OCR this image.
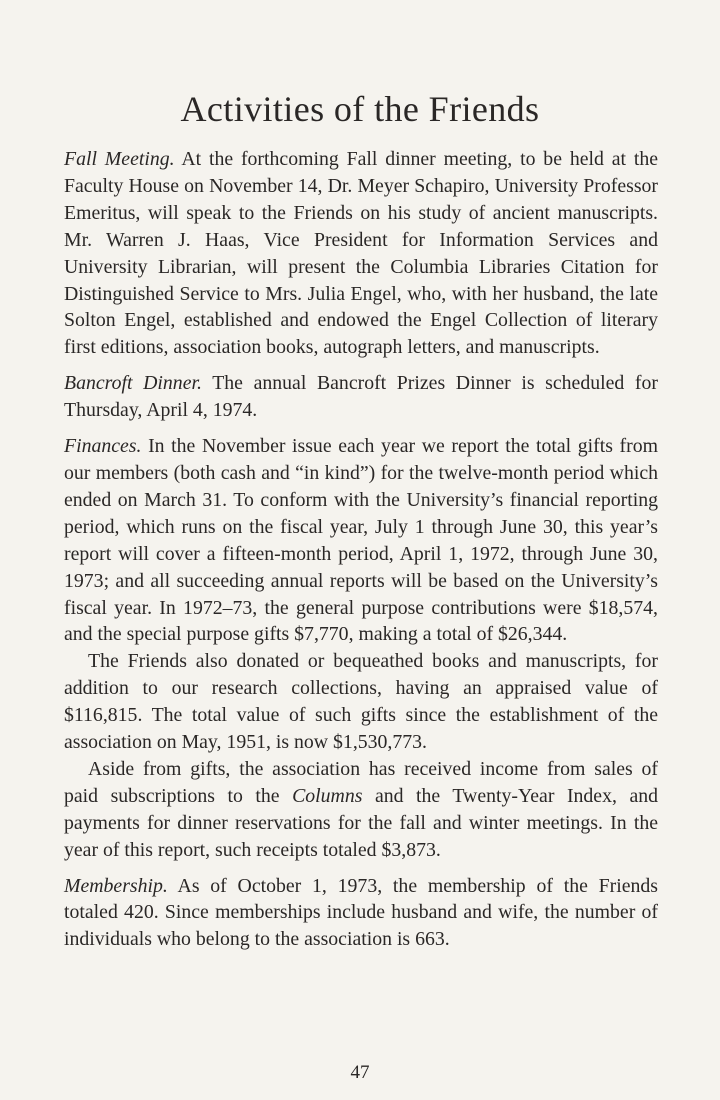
Activities of the Friends

Fall Meeting. At the forthcoming Fall dinner meeting, to be held at the Faculty House on November 14, Dr. Meyer Schapiro, University Professor Emeritus, will speak to the Friends on his study of ancient manuscripts. Mr. Warren J. Haas, Vice President for Information Services and University Librarian, will present the Columbia Libraries Citation for Distinguished Service to Mrs. Julia Engel, who, with her husband, the late Solton Engel, established and endowed the Engel Collection of literary first editions, association books, autograph letters, and manuscripts.

Bancroft Dinner. The annual Bancroft Prizes Dinner is scheduled for Thursday, April 4, 1974.

Finances. In the November issue each year we report the total gifts from our members (both cash and “in kind”) for the twelve-month period which ended on March 31. To conform with the University’s financial reporting period, which runs on the fiscal year, July 1 through June 30, this year’s report will cover a fifteen-month period, April 1, 1972, through June 30, 1973; and all succeeding annual reports will be based on the University’s fiscal year. In 1972–73, the general purpose contributions were $18,574, and the special purpose gifts $7,770, making a total of $26,344.

The Friends also donated or bequeathed books and manuscripts, for addition to our research collections, having an appraised value of $116,815. The total value of such gifts since the establishment of the association on May, 1951, is now $1,530,773.

Aside from gifts, the association has received income from sales of paid subscriptions to the Columns and the Twenty-Year Index, and payments for dinner reservations for the fall and winter meetings. In the year of this report, such receipts totaled $3,873.

Membership. As of October 1, 1973, the membership of the Friends totaled 420. Since memberships include husband and wife, the number of individuals who belong to the association is 663.

47
